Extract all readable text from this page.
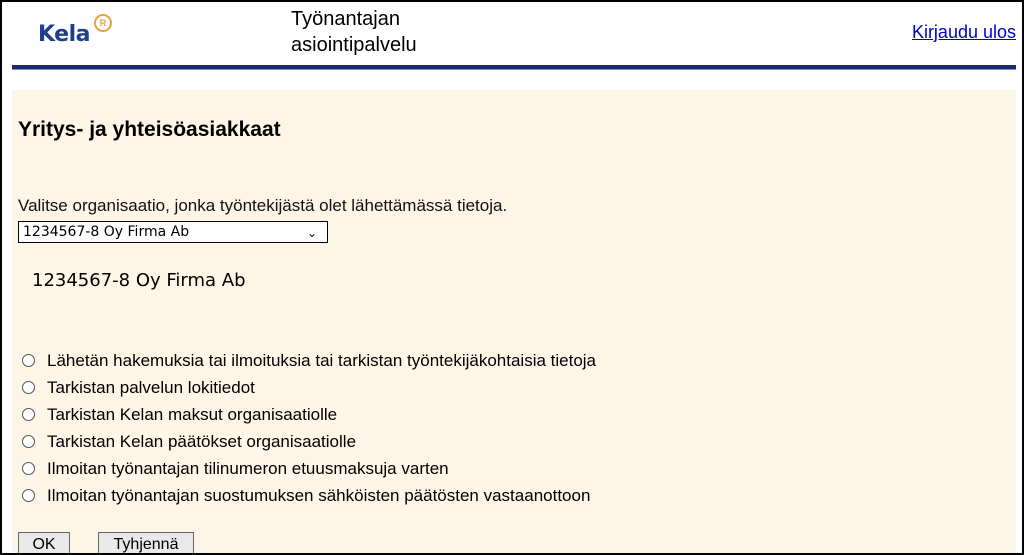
Kela	R	Työnantajan
asiointipalvelu
Kirjaudu ulos
Yritys- ja yhteisöasiakkaat
Valitse organisaatio, jonka työntekijästä olet lähettämässä tietoja.
1234567-8 Oy Firma Ab	⌄
1234567-8 Oy Firma Ab
Lähetän hakemuksia tai ilmoituksia tai tarkistan työntekijäkohtaisia tietoja
Tarkistan palvelun lokitiedot
Tarkistan Kelan maksut organisaatiolle
Tarkistan Kelan päätökset organisaatiolle
Ilmoitan työnantajan tilinumeron etuusmaksuja varten
Ilmoitan työnantajan suostumuksen sähköisten päätösten vastaanottoon
OK	Tyhjennä
